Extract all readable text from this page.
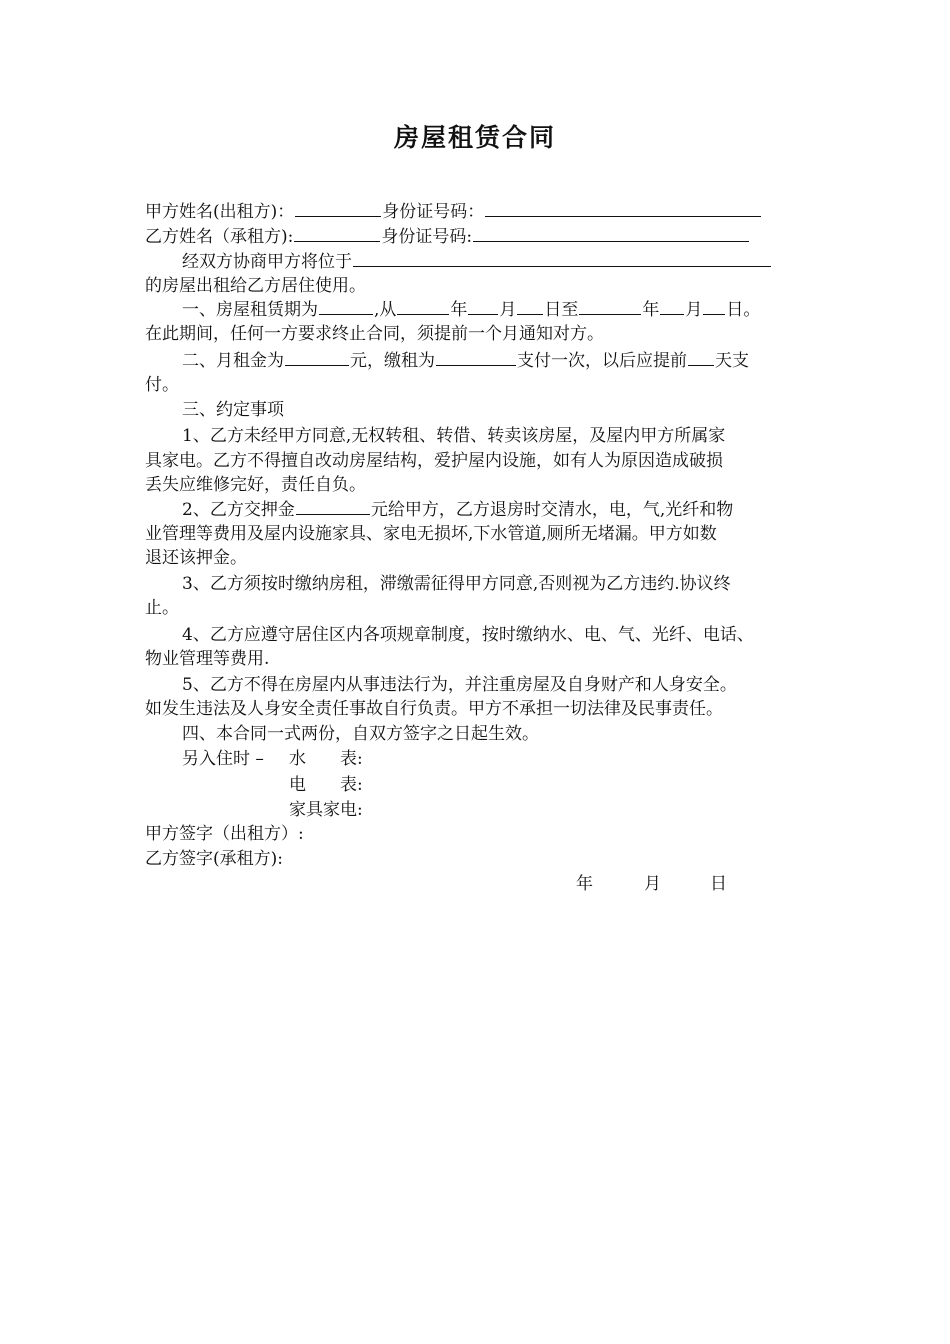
房屋租赁合同
甲方姓名(出租方)：	身份证号码：
乙方姓名（承租方):	身份证号码:
经双方协商甲方将位于
的房屋出租给乙方居住使用。
一、房屋租赁期为	,从	年 月 日至	年 月 日。
在此期间，任何一方要求终止合同，须提前一个月通知对方。
二、月租金为	元，缴租为	支付一次，以后应提前 天支
付。
三、约定事项
1、乙方未经甲方同意,无权转租、转借、转卖该房屋，及屋内甲方所属家
具家电。乙方不得擅自改动房屋结构，爱护屋内设施，如有人为原因造成破损
丢失应维修完好，责任自负。
2、乙方交押金	元给甲方，乙方退房时交清水，电，气,光纤和物
业管理等费用及屋内设施家具、家电无损坏,下水管道,厕所无堵漏。甲方如数
退还该押金。
3、乙方须按时缴纳房租，滞缴需征得甲方同意,否则视为乙方违约.协议终
止。
4、乙方应遵守居住区内各项规章制度，按时缴纳水、电、气、光纤、电话、
物业管理等费用.
5、乙方不得在房屋内从事违法行为，并注重房屋及自身财产和人身安全。
如发生违法及人身安全责任事故自行负责。甲方不承担一切法律及民事责任。
四、本合同一式两份，自双方签字之日起生效。
另入住时 – 水　　表:
电　　表:
家具家电:
甲方签字（出租方）:
乙方签字(承租方):
年	月	日
